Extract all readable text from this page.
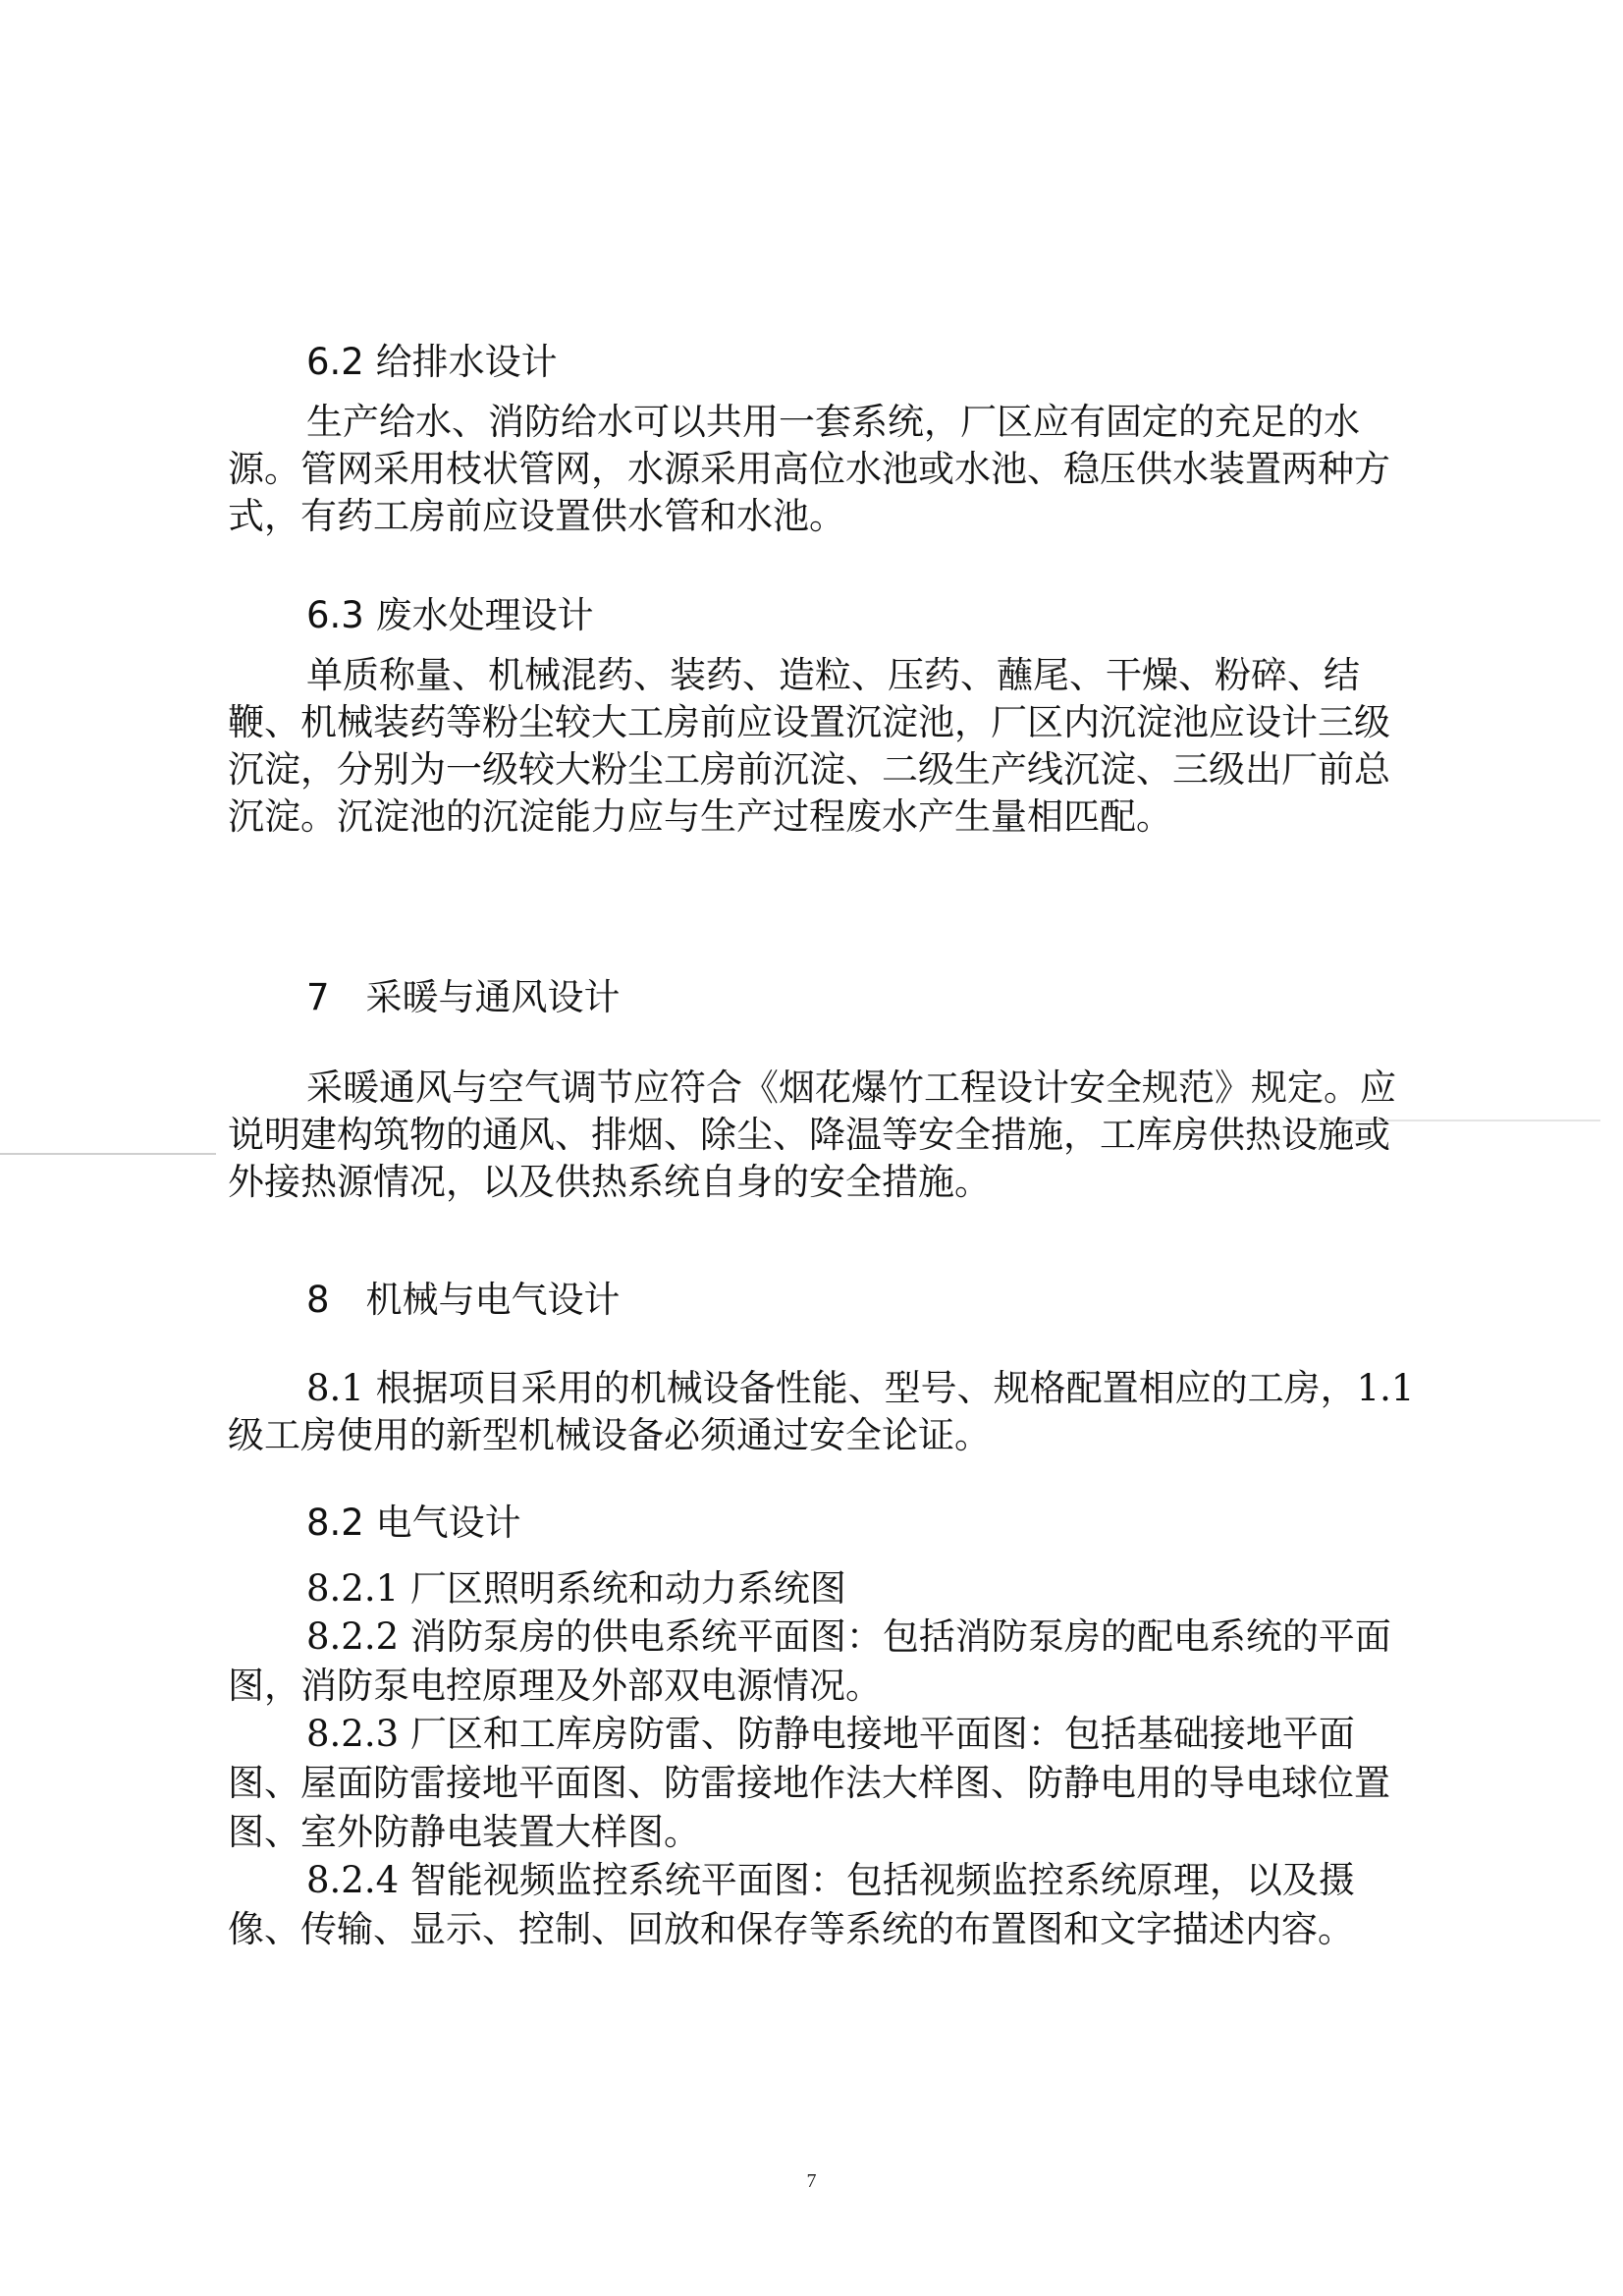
6.2 给排水设计

生产给水、消防给水可以共用一套系统，厂区应有固定的充足的水源。管网采用枝状管网，水源采用高位水池或水池、稳压供水装置两种方式，有药工房前应设置供水管和水池。

6.3 废水处理设计

单质称量、机械混药、装药、造粒、压药、蘸尾、干燥、粉碎、结鞭、机械装药等粉尘较大工房前应设置沉淀池，厂区内沉淀池应设计三级沉淀，分别为一级较大粉尘工房前沉淀、二级生产线沉淀、三级出厂前总沉淀。沉淀池的沉淀能力应与生产过程废水产生量相匹配。

7　采暖与通风设计

采暖通风与空气调节应符合《烟花爆竹工程设计安全规范》规定。应说明建构筑物的通风、排烟、除尘、降温等安全措施，工库房供热设施或外接热源情况，以及供热系统自身的安全措施。

8　机械与电气设计

8.1 根据项目采用的机械设备性能、型号、规格配置相应的工房，1.1级工房使用的新型机械设备必须通过安全论证。

8.2 电气设计

8.2.1 厂区照明系统和动力系统图

8.2.2 消防泵房的供电系统平面图：包括消防泵房的配电系统的平面图，消防泵电控原理及外部双电源情况。

8.2.3 厂区和工库房防雷、防静电接地平面图：包括基础接地平面图、屋面防雷接地平面图、防雷接地作法大样图、防静电用的导电球位置图、室外防静电装置大样图。

8.2.4 智能视频监控系统平面图：包括视频监控系统原理，以及摄像、传输、显示、控制、回放和保存等系统的布置图和文字描述内容。

7
